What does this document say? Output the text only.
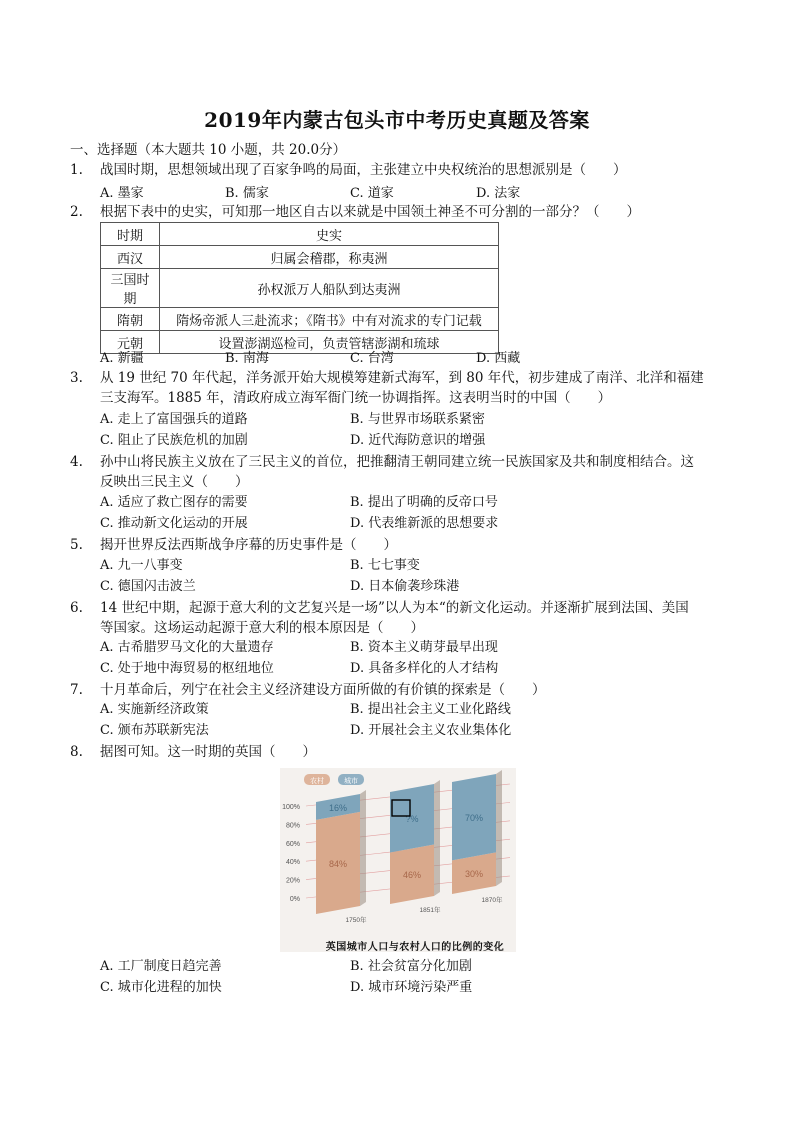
2019年内蒙古包头市中考历史真题及答案
一、选择题（本大题共 10 小题，共 20.0分）
1. 战国时期，思想领域出现了百家争鸣的局面，主张建立中央权统治的思想派别是（　　）
A. 墨家	B. 儒家	C. 道家	D. 法家
2. 根据下表中的史实，可知那一地区自古以来就是中国领土神圣不可分割的一部分？（　　）
时期	史实
西汉	归属会稽郡，称夷洲
三国时期	孙权派万人船队到达夷洲
隋朝	隋炀帝派人三赴流求；《隋书》中有对流求的专门记载
元朝	设置澎湖巡检司，负责管辖澎湖和琉球
A. 新疆	B. 南海	C. 台湾	D. 西藏
3. 从 19 世纪 70 年代起，洋务派开始大规模筹建新式海军，到 80 年代，初步建成了南洋、北洋和福建
三支海军。1885 年，清政府成立海军衙门统一协调指挥。这表明当时的中国（　　）
A. 走上了富国强兵的道路	B. 与世界市场联系紧密
C. 阻止了民族危机的加剧	D. 近代海防意识的增强
4. 孙中山将民族主义放在了三民主义的首位，把推翻清王朝同建立统一民族国家及共和制度相结合。这
反映出三民主义（　　）
A. 适应了救亡图存的需要	B. 提出了明确的反帝口号
C. 推动新文化运动的开展	D. 代表维新派的思想要求
5. 揭开世界反法西斯战争序幕的历史事件是（　　）
A. 九一八事变	B. 七七事变
C. 德国闪击波兰	D. 日本偷袭珍珠港
6. 14 世纪中期，起源于意大利的文艺复兴是一场”以人为本“的新文化运动。并逐渐扩展到法国、美国
等国家。这场运动起源于意大利的根本原因是（　　）
A. 古希腊罗马文化的大量遗存	B. 资本主义萌芽最早出现
C. 处于地中海贸易的枢纽地位	D. 具备多样化的人才结构
7. 十月革命后，列宁在社会主义经济建设方面所做的有价镇的探索是（　　）
A. 实施新经济政策	B. 提出社会主义工业化路线
C. 颁布苏联新宪法	D. 开展社会主义农业集体化
8. 据图可知。这一时期的英国（　　）
0%
20%
40%
60%
80%
100%
农村	城市
84%
16%
1750年
46%
?%
1851年
30%
70%
1870年
英国城市人口与农村人口的比例的变化
A. 工厂制度日趋完善	B. 社会贫富分化加剧
C. 城市化进程的加快	D. 城市环境污染严重
